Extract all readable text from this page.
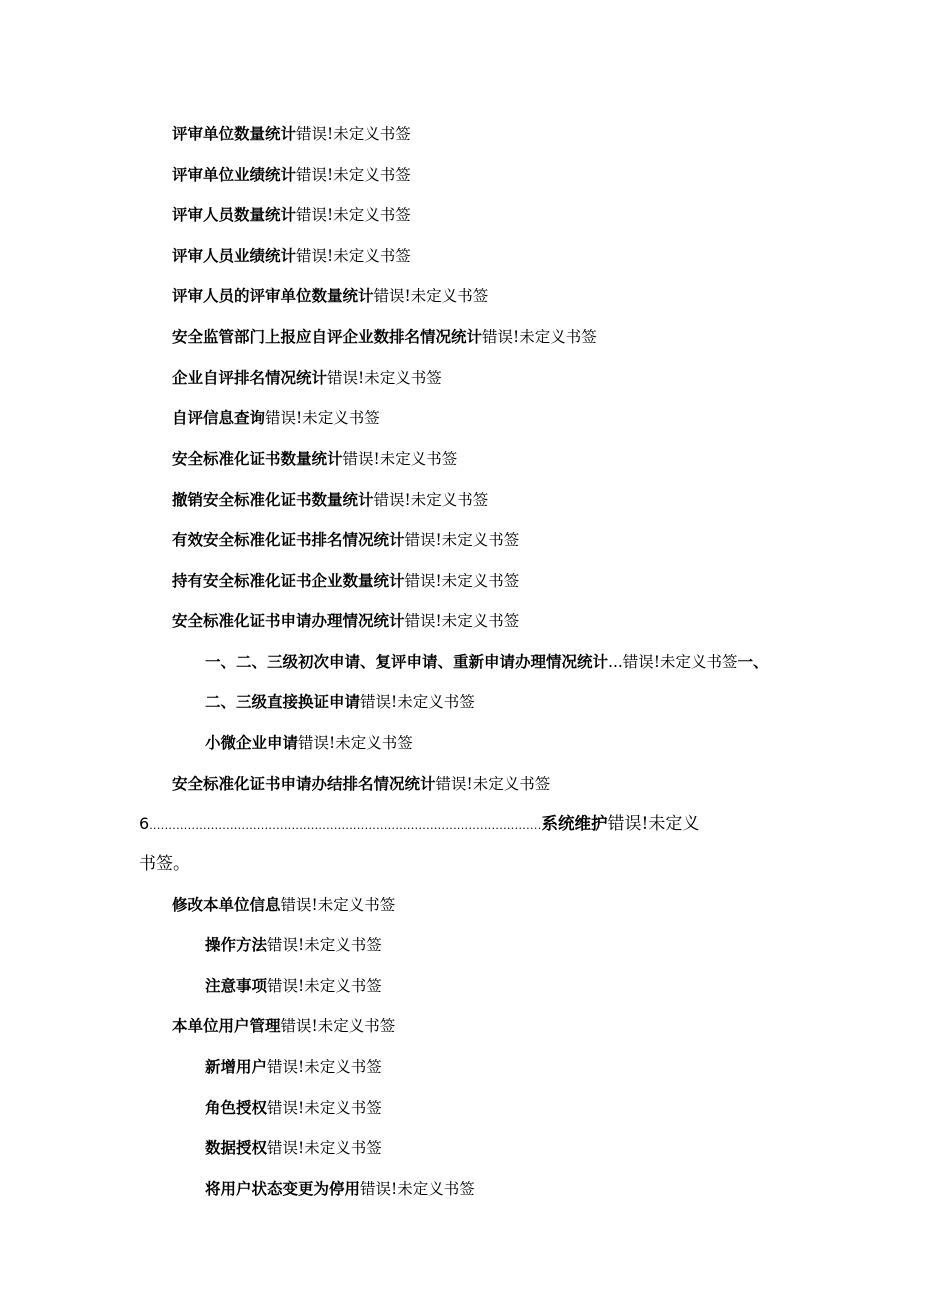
评审单位数量统计错误!未定义书签
评审单位业绩统计错误!未定义书签
评审人员数量统计错误!未定义书签
评审人员业绩统计错误!未定义书签
评审人员的评审单位数量统计错误!未定义书签
安全监管部门上报应自评企业数排名情况统计错误!未定义书签
企业自评排名情况统计错误!未定义书签
自评信息查询错误!未定义书签
安全标准化证书数量统计错误!未定义书签
撤销安全标准化证书数量统计错误!未定义书签
有效安全标准化证书排名情况统计错误!未定义书签
持有安全标准化证书企业数量统计错误!未定义书签
安全标准化证书申请办理情况统计错误!未定义书签
一、二、三级初次申请、复评申请、重新申请办理情况统计...错误!未定义书签一、
二、三级直接换证申请错误!未定义书签
小微企业申请错误!未定义书签
安全标准化证书申请办结排名情况统计错误!未定义书签
6......................................................................................................系统维护错误!未定义
书签。
修改本单位信息错误!未定义书签
操作方法错误!未定义书签
注意事项错误!未定义书签
本单位用户管理错误!未定义书签
新增用户错误!未定义书签
角色授权错误!未定义书签
数据授权错误!未定义书签
将用户状态变更为停用错误!未定义书签
